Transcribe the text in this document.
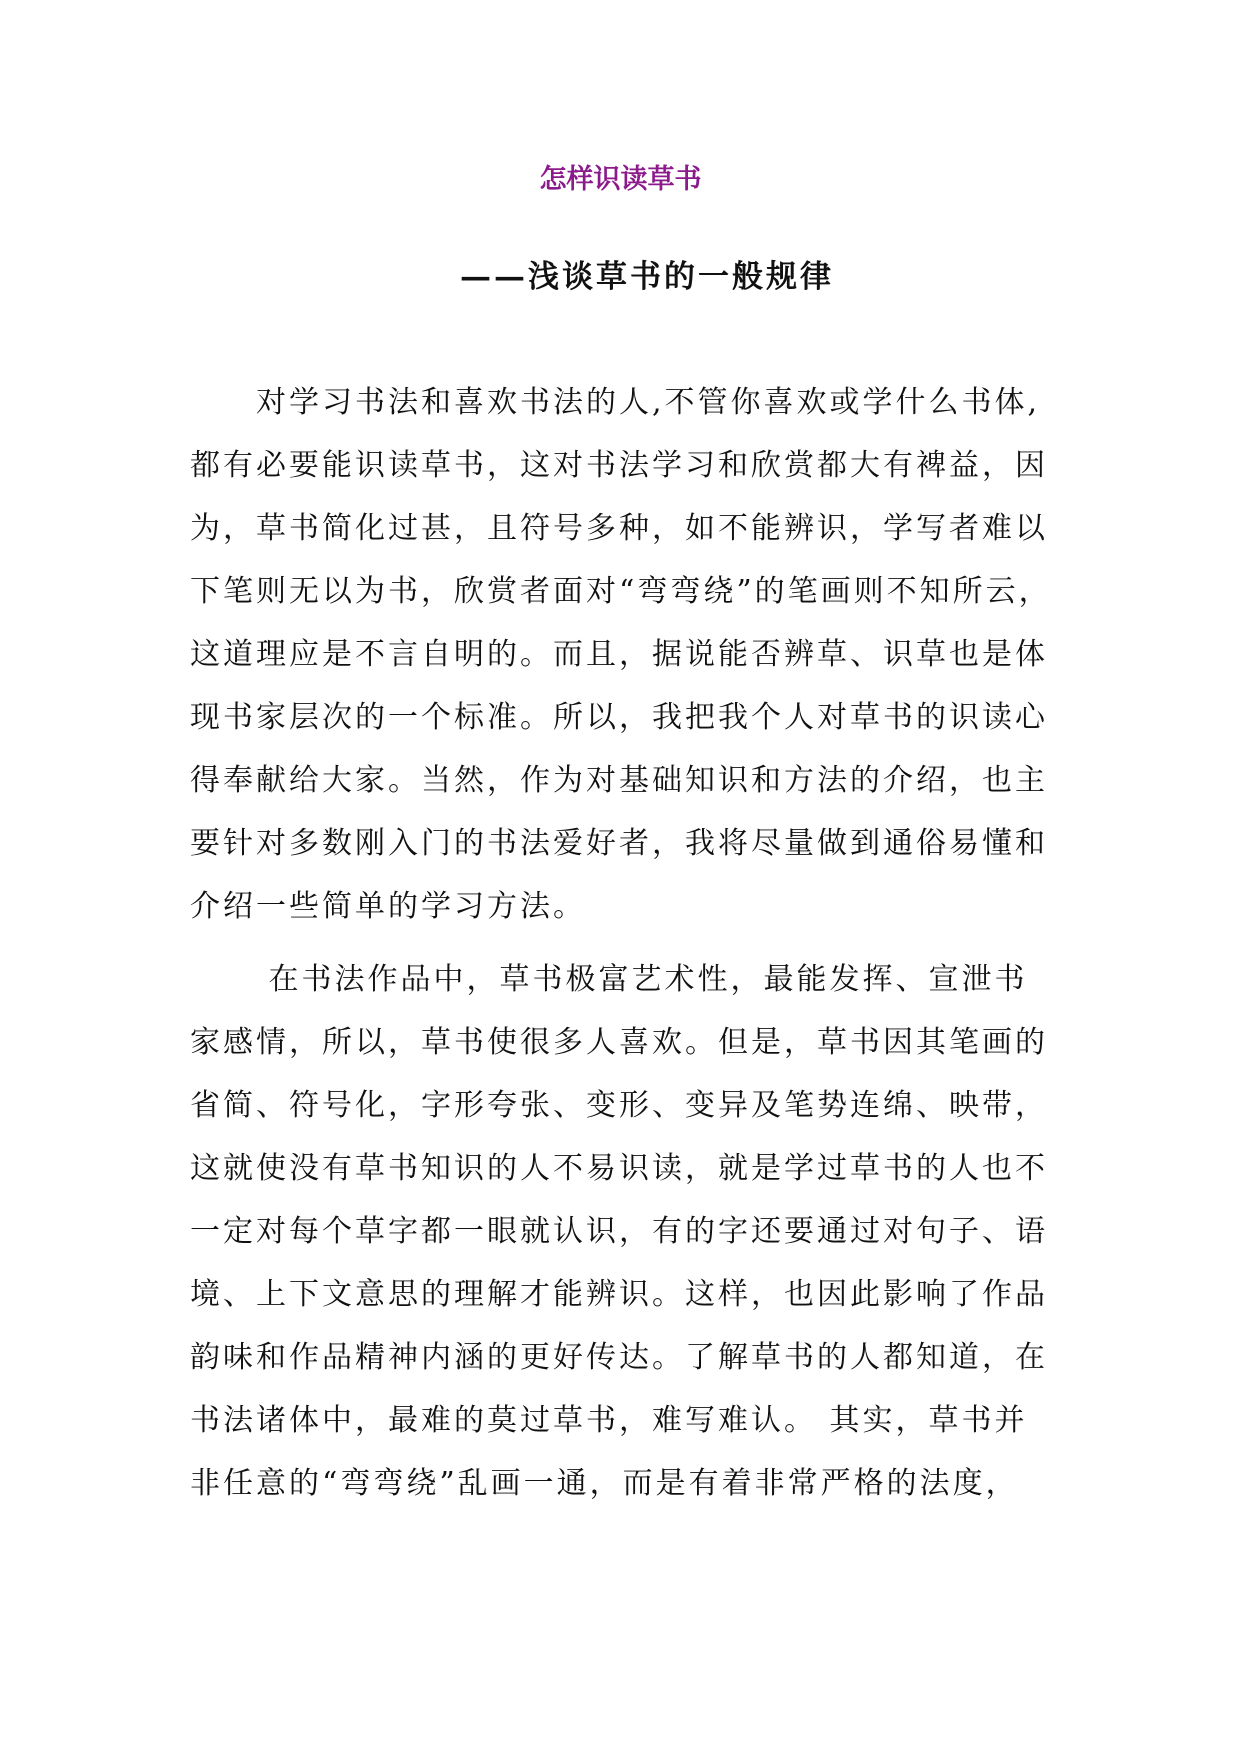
怎样识读草书
——浅谈草书的一般规律

　　对学习书法和喜欢书法的人,不管你喜欢或学什么书体,

都有必要能识读草书，这对书法学习和欣赏都大有裨益，因

为，草书简化过甚，且符号多种，如不能辨识，学写者难以

下笔则无以为书，欣赏者面对“弯弯绕”的笔画则不知所云，

这道理应是不言自明的。而且，据说能否辨草、识草也是体

现书家层次的一个标准。所以，我把我个人对草书的识读心

得奉献给大家。当然，作为对基础知识和方法的介绍，也主

要针对多数刚入门的书法爱好者，我将尽量做到通俗易懂和

介绍一些简单的学习方法。

　　 在书法作品中，草书极富艺术性，最能发挥、宣泄书

家感情，所以，草书使很多人喜欢。但是，草书因其笔画的

省简、符号化，字形夸张、变形、变异及笔势连绵、映带，

这就使没有草书知识的人不易识读，就是学过草书的人也不

一定对每个草字都一眼就认识，有的字还要通过对句子、语

境、上下文意思的理解才能辨识。这样，也因此影响了作品

韵味和作品精神内涵的更好传达。了解草书的人都知道，在

书法诸体中，最难的莫过草书，难写难认。 其实，草书并

非任意的“弯弯绕”乱画一通，而是有着非常严格的法度，
